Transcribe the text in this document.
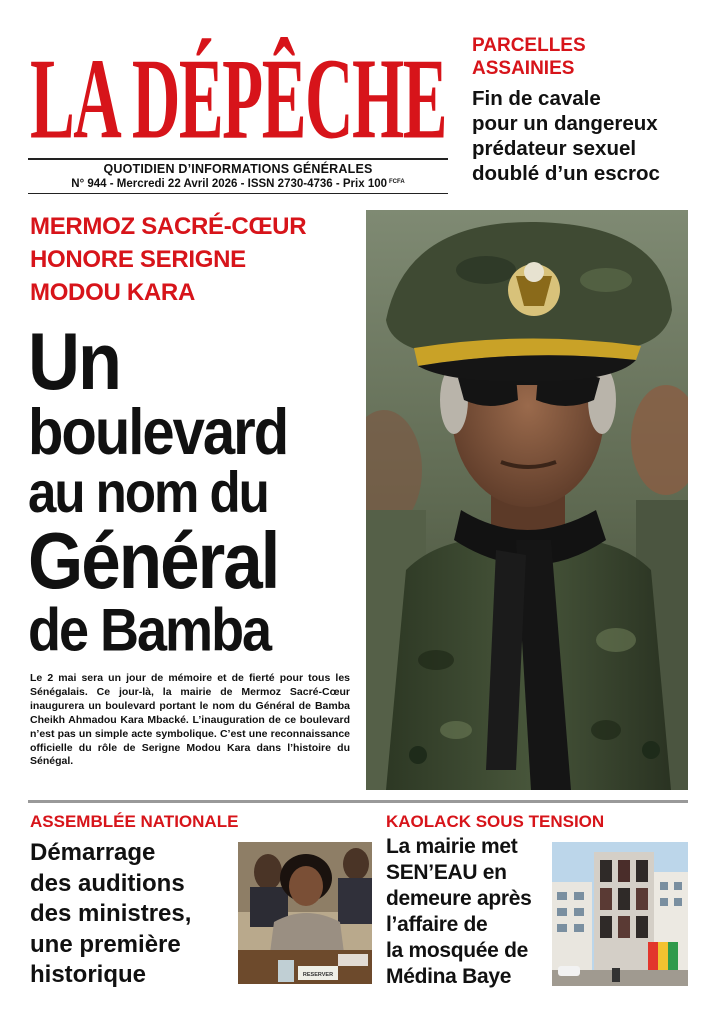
LA DÉPÊCHE
QUOTIDIEN D’INFORMATIONS GÉNÉRALES
N° 944 - Mercredi 22 Avril 2026 - ISSN 2730-4736 - Prix 100 $^{FCFA}$
PARCELLES
ASSAINIES
Fin de cavale
pour un dangereux
prédateur sexuel
doublé d’un escroc
MERMOZ SACRÉ-CŒUR
HONORE SERIGNE
MODOU KARA
Un
boulevard
au nom du
Général
de Bamba
Le 2 mai sera un jour de mémoire et de fierté pour tous les Sénégalais. Ce jour-là, la mairie de Mermoz Sacré-Cœur inaugurera un boulevard portant le nom du Général de Bamba Cheikh Ahmadou Kara Mbacké. L’inauguration de ce boulevard n’est pas un simple acte symbolique. C’est une reconnaissance officielle du rôle de Serigne Modou Kara dans l’histoire du Sénégal.
ASSEMBLÉE NATIONALE
Démarrage
des auditions
des ministres,
une première
historique	RESERVER
KAOLACK SOUS TENSION
La mairie met
SEN’EAU en
demeure après
l’affaire de
la mosquée de
Médina Baye
